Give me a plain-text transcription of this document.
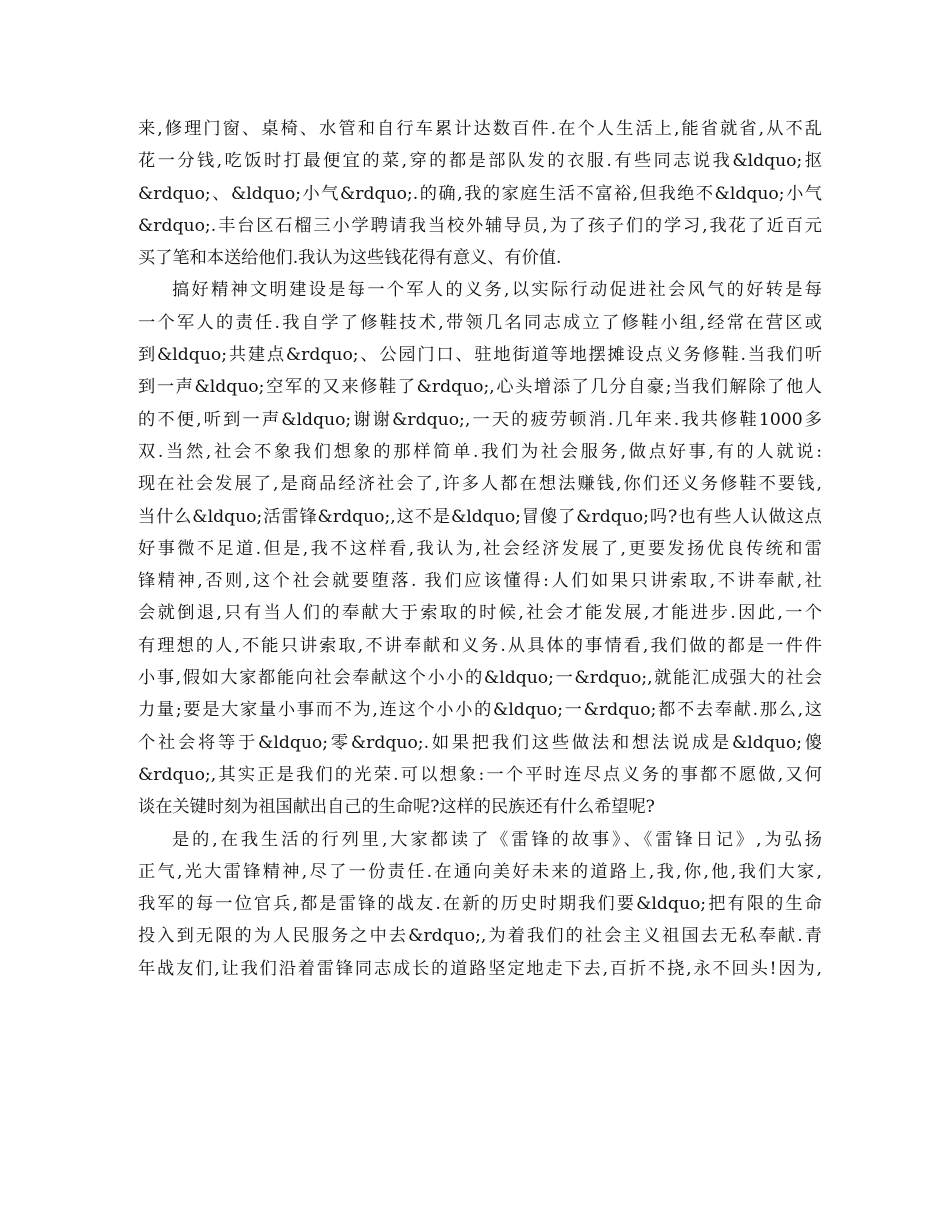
来,修理门窗、桌椅、水管和自行车累计达数百件.在个人生活上,能省就省,从不乱
花一分钱,吃饭时打最便宜的菜,穿的都是部队发的衣服.有些同志说我&ldquo;抠
&rdquo;、&ldquo;小气&rdquo;.的确,我的家庭生活不富裕,但我绝不&ldquo;小气
&rdquo;.丰台区石榴三小学聘请我当校外辅导员,为了孩子们的学习,我花了近百元
买了笔和本送给他们.我认为这些钱花得有意义、有价值.
搞好精神文明建设是每一个军人的义务,以实际行动促进社会风气的好转是每
一个军人的责任.我自学了修鞋技术,带领几名同志成立了修鞋小组,经常在营区或
到&ldquo;共建点&rdquo;、公园门口、驻地街道等地摆摊设点义务修鞋.当我们听
到一声&ldquo;空军的又来修鞋了&rdquo;,心头增添了几分自豪;当我们解除了他人
的不便,听到一声&ldquo;谢谢&rdquo;,一天的疲劳顿消.几年来.我共修鞋1000多
双.当然,社会不象我们想象的那样简单.我们为社会服务,做点好事,有的人就说:
现在社会发展了,是商品经济社会了,许多人都在想法赚钱,你们还义务修鞋不要钱,
当什么&ldquo;活雷锋&rdquo;,这不是&ldquo;冒傻了&rdquo;吗?也有些人认做这点
好事微不足道.但是,我不这样看,我认为,社会经济发展了,更要发扬优良传统和雷
锋精神,否则,这个社会就要堕落. 我们应该懂得:人们如果只讲索取,不讲奉献,社
会就倒退,只有当人们的奉献大于索取的时候,社会才能发展,才能进步.因此,一个
有理想的人,不能只讲索取,不讲奉献和义务.从具体的事情看,我们做的都是一件件
小事,假如大家都能向社会奉献这个小小的&ldquo;一&rdquo;,就能汇成强大的社会
力量;要是大家量小事而不为,连这个小小的&ldquo;一&rdquo;都不去奉献.那么,这
个社会将等于&ldquo;零&rdquo;.如果把我们这些做法和想法说成是&ldquo;傻
&rdquo;,其实正是我们的光荣.可以想象:一个平时连尽点义务的事都不愿做,又何
谈在关键时刻为祖国献出自己的生命呢?这样的民族还有什么希望呢?
是的,在我生活的行列里,大家都读了《雷锋的故事》、《雷锋日记》,为弘扬
正气,光大雷锋精神,尽了一份责任.在通向美好未来的道路上,我,你,他,我们大家,
我军的每一位官兵,都是雷锋的战友.在新的历史时期我们要&ldquo;把有限的生命
投入到无限的为人民服务之中去&rdquo;,为着我们的社会主义祖国去无私奉献.青
年战友们,让我们沿着雷锋同志成长的道路坚定地走下去,百折不挠,永不回头!因为,
